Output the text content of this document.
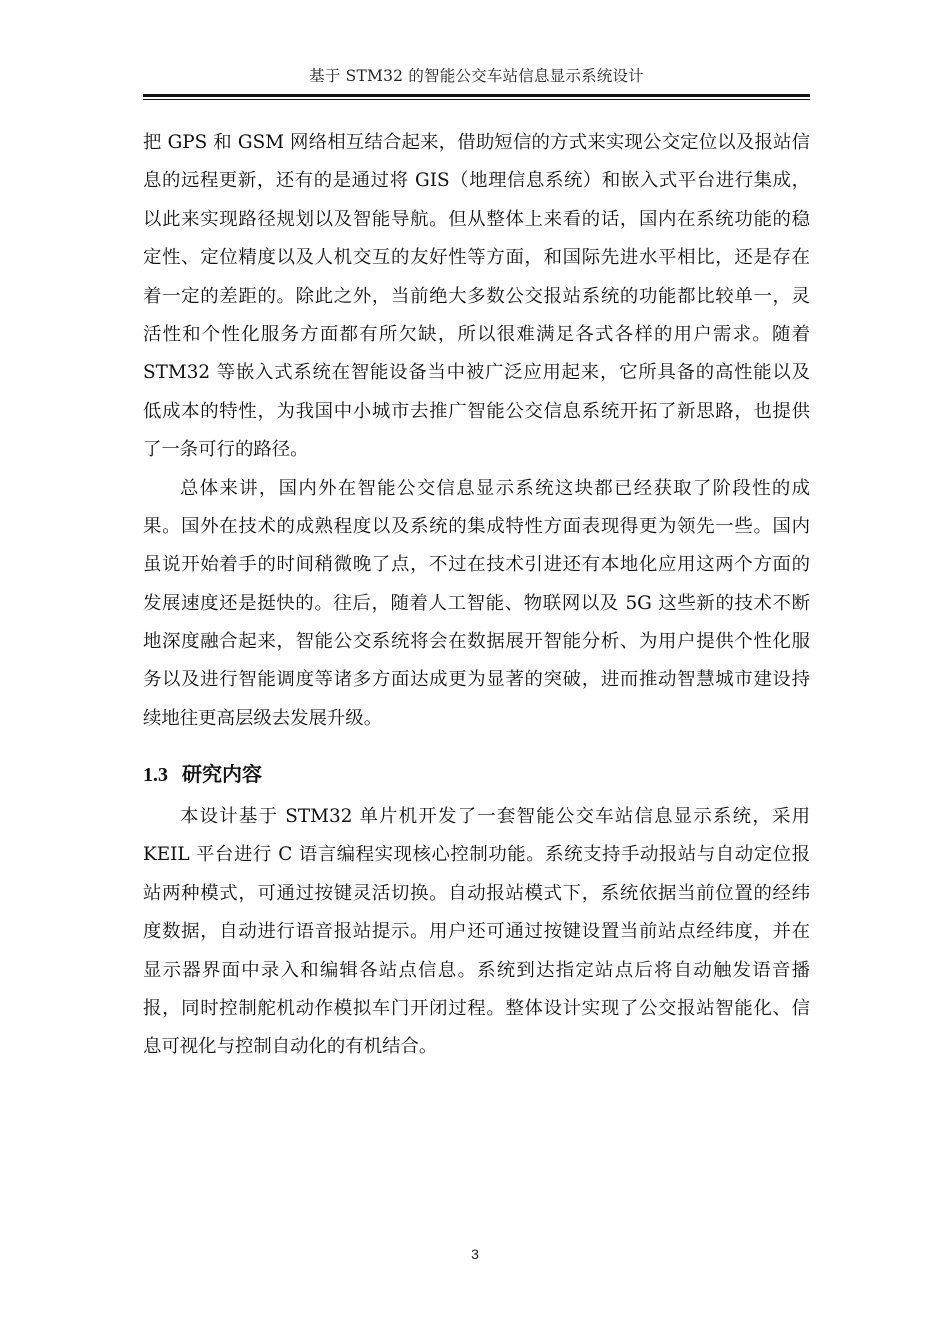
基于 STM32 的智能公交车站信息显示系统设计

把 GPS 和 GSM 网络相互结合起来，借助短信的方式来实现公交定位以及报站信
息的远程更新，还有的是通过将 GIS（地理信息系统）和嵌入式平台进行集成，
以此来实现路径规划以及智能导航。但从整体上来看的话，国内在系统功能的稳
定性、定位精度以及人机交互的友好性等方面，和国际先进水平相比，还是存在
着一定的差距的。除此之外，当前绝大多数公交报站系统的功能都比较单一，灵
活性和个性化服务方面都有所欠缺，所以很难满足各式各样的用户需求。随着
STM32 等嵌入式系统在智能设备当中被广泛应用起来，它所具备的高性能以及
低成本的特性，为我国中小城市去推广智能公交信息系统开拓了新思路，也提供
了一条可行的路径。

总体来讲，国内外在智能公交信息显示系统这块都已经获取了阶段性的成
果。国外在技术的成熟程度以及系统的集成特性方面表现得更为领先一些。国内
虽说开始着手的时间稍微晚了点，不过在技术引进还有本地化应用这两个方面的
发展速度还是挺快的。往后，随着人工智能、物联网以及 5G 这些新的技术不断
地深度融合起来，智能公交系统将会在数据展开智能分析、为用户提供个性化服
务以及进行智能调度等诸多方面达成更为显著的突破，进而推动智慧城市建设持
续地往更高层级去发展升级。

1.3 研究内容

本设计基于 STM32 单片机开发了一套智能公交车站信息显示系统，采用
KEIL 平台进行 C 语言编程实现核心控制功能。系统支持手动报站与自动定位报
站两种模式，可通过按键灵活切换。自动报站模式下，系统依据当前位置的经纬
度数据，自动进行语音报站提示。用户还可通过按键设置当前站点经纬度，并在
显示器界面中录入和编辑各站点信息。系统到达指定站点后将自动触发语音播
报，同时控制舵机动作模拟车门开闭过程。整体设计实现了公交报站智能化、信
息可视化与控制自动化的有机结合。

3
